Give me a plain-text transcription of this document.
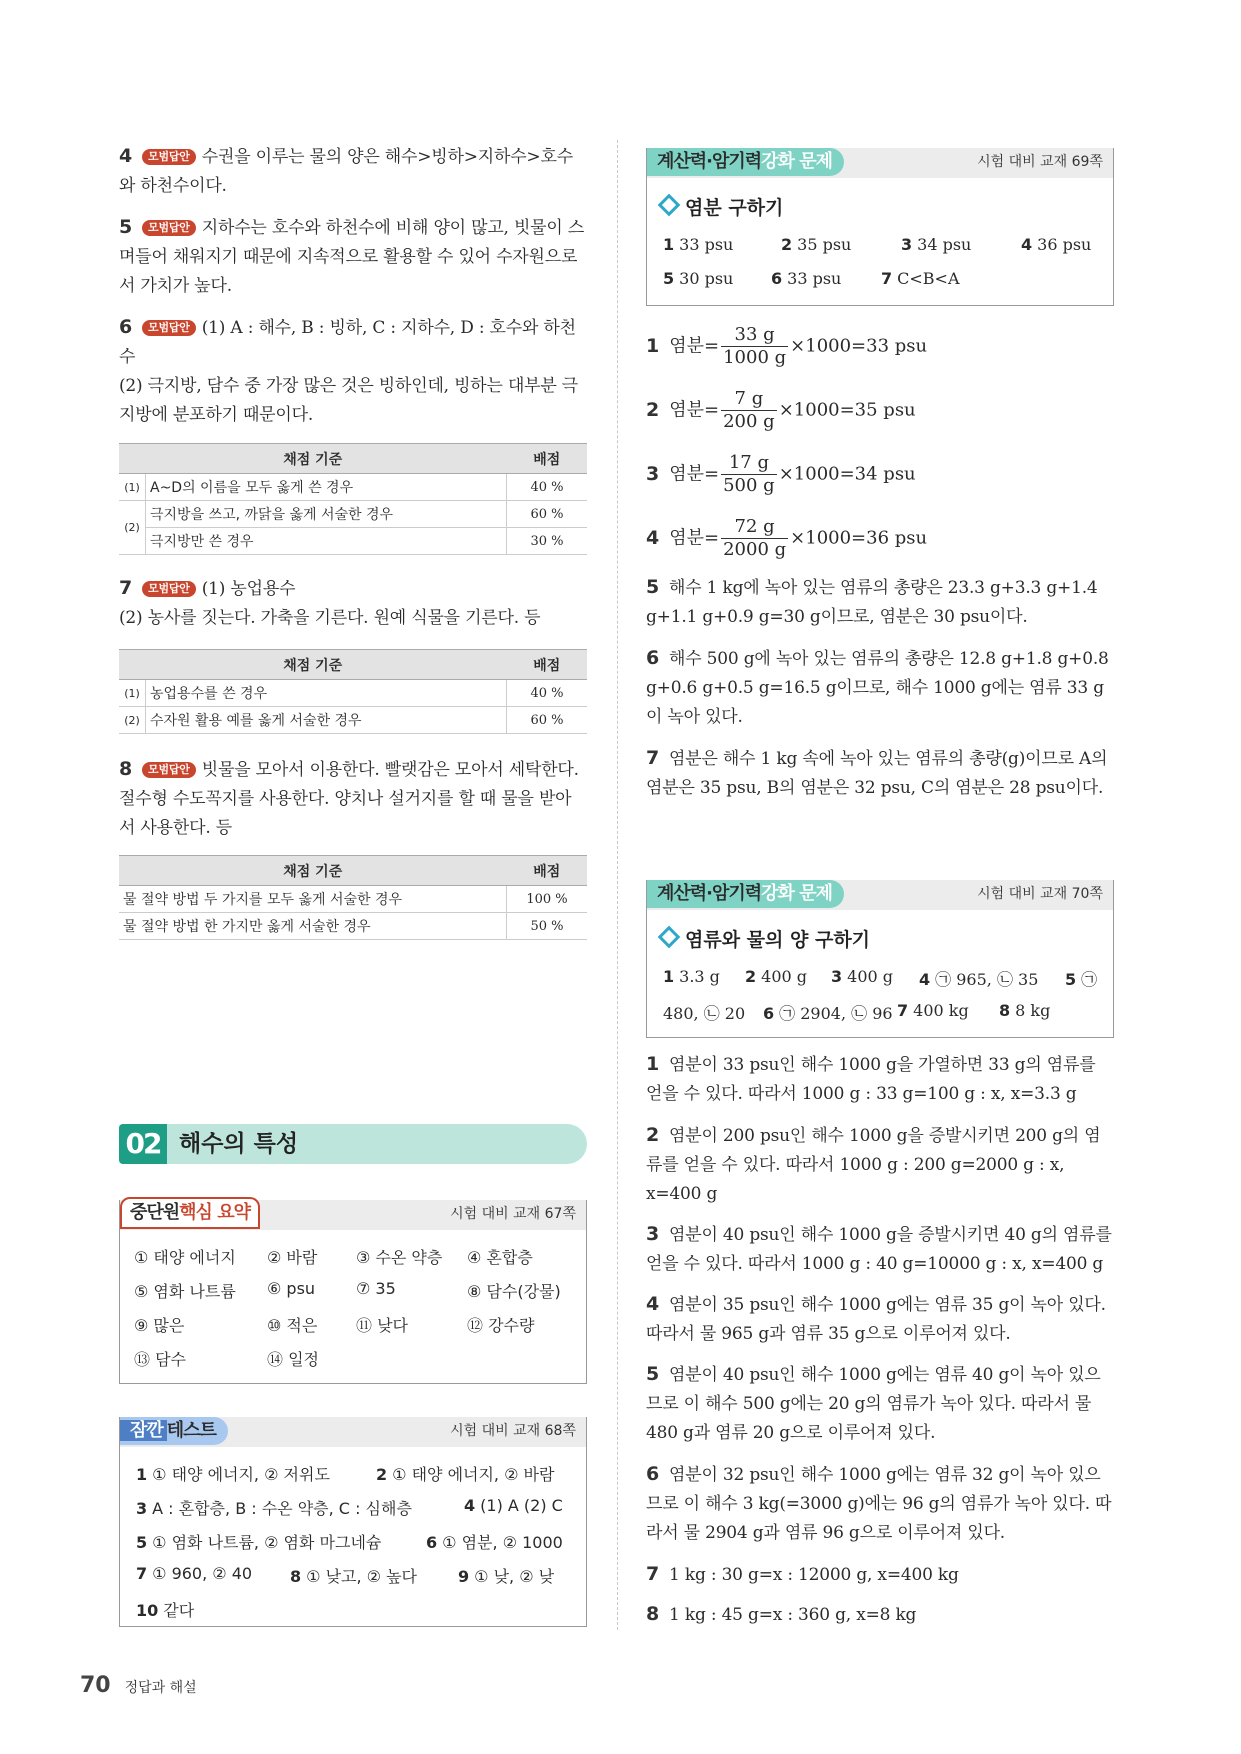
4 모범답안 수권을 이루는 물의 양은 해수>빙하>지하수>호수와 하천수이다.
5 모범답안 지하수는 호수와 하천수에 비해 양이 많고, 빗물이 스며들어 채워지기 때문에 지속적으로 활용할 수 있어 수자원으로서 가치가 높다.
6 모범답안 (1) A : 해수, B : 빙하, C : 지하수, D : 호수와 하천수
(2) 극지방, 담수 중 가장 많은 것은 빙하인데, 빙하는 대부분 극지방에 분포하기 때문이다.
채점 기준		배점
(1)	A~D의 이름을 모두 옳게 쓴 경우	40 %
(2)	극지방을 쓰고, 까닭을 옳게 서술한 경우	60 %
	극지방만 쓴 경우	30 %
7 모범답안 (1) 농업용수
(2) 농사를 짓는다. 가축을 기른다. 원예 식물을 기른다. 등
채점 기준		배점
(1)	농업용수를 쓴 경우	40 %
(2)	수자원 활용 예를 옳게 서술한 경우	60 %
8 모범답안 빗물을 모아서 이용한다. 빨랫감은 모아서 세탁한다. 절수형 수도꼭지를 사용한다. 양치나 설거지를 할 때 물을 받아서 사용한다. 등
채점 기준	배점
물 절약 방법 두 가지를 모두 옳게 서술한 경우	100 %
물 절약 방법 한 가지만 옳게 서술한 경우	50 %
02 해수의 특성
중단원핵심 요약	시험 대비 교재 67쪽
① 태양 에너지 ② 바람 ③ 수온 약층 ④ 혼합층
⑤ 염화 나트륨 ⑥ psu	⑦ 35	⑧ 담수(강물)
⑨ 많은	⑩ 적은 ⑪ 낮다	⑫ 강수량
⑬ 담수	⑭ 일정
잠깐 테스트	시험 대비 교재 68쪽
1 ① 태양 에너지, ② 저위도	2 ① 태양 에너지, ② 바람
3 A : 혼합층, B : 수온 약층, C : 심해층	4 (1) A (2) C
5 ① 염화 나트륨, ② 염화 마그네슘	6 ① 염분, ② 1000
7 ① 960, ② 40 8 ① 낮고, ② 높다	9 ① 낮, ② 낮
10 같다
계산력·암기력강화 문제	시험 대비 교재 69쪽
염분 구하기
1 33 psu	2 35 psu	3 34 psu	4 36 psu
5 30 psu 6 33 psu 7 C<B<A
1 염분= $\frac{33 g}{1000 g} \times 1000=33$ psu
2 염분= $\frac{7 g}{200 g} \times 1000=35$ psu
3 염분= $\frac{17 g}{500 g} \times 1000=34$ psu
4 염분= $\frac{72 g}{2000 g} \times 1000=36$ psu
5 해수 1 kg에 녹아 있는 염류의 총량은 23.3 g+3.3 g+1.4 g+1.1 g+0.9 g=30 g이므로, 염분은 30 psu이다.
6 해수 500 g에 녹아 있는 염류의 총량은 12.8 g+1.8 g+0.8 g+0.6 g+0.5 g=16.5 g이므로, 해수 1000 g에는 염류 33 g이 녹아 있다.
7 염분은 해수 1 kg 속에 녹아 있는 염류의 총량(g)이므로 A의 염분은 35 psu, B의 염분은 32 psu, C의 염분은 28 psu이다.
계산력·암기력강화 문제	시험 대비 교재 70쪽
염류와 물의 양 구하기
1 3.3 g 2 400 g 3 400 g 4 ㉠ 965, ㉡ 35 5 ㉠
480, ㉡ 20 6 ㉠ 2904, ㉡ 96 7 400 kg 8 8 kg
1 염분이 33 psu인 해수 1000 g을 가열하면 33 g의 염류를 얻을 수 있다. 따라서 1000 g : 33 g=100 g : x, x=3.3 g
2 염분이 200 psu인 해수 1000 g을 증발시키면 200 g의 염류를 얻을 수 있다. 따라서 1000 g : 200 g=2000 g : x, x=400 g
3 염분이 40 psu인 해수 1000 g을 증발시키면 40 g의 염류를 얻을 수 있다. 따라서 1000 g : 40 g=10000 g : x, x=400 g
4 염분이 35 psu인 해수 1000 g에는 염류 35 g이 녹아 있다. 따라서 물 965 g과 염류 35 g으로 이루어져 있다.
5 염분이 40 psu인 해수 1000 g에는 염류 40 g이 녹아 있으므로 이 해수 500 g에는 20 g의 염류가 녹아 있다. 따라서 물 480 g과 염류 20 g으로 이루어져 있다.
6 염분이 32 psu인 해수 1000 g에는 염류 32 g이 녹아 있으므로 이 해수 3 kg(=3000 g)에는 96 g의 염류가 녹아 있다. 따라서 물 2904 g과 염류 96 g으로 이루어져 있다.
7 1 kg : 30 g=x : 12000 g, x=400 kg
8 1 kg : 45 g=x : 360 g, x=8 kg
70 정답과 해설
